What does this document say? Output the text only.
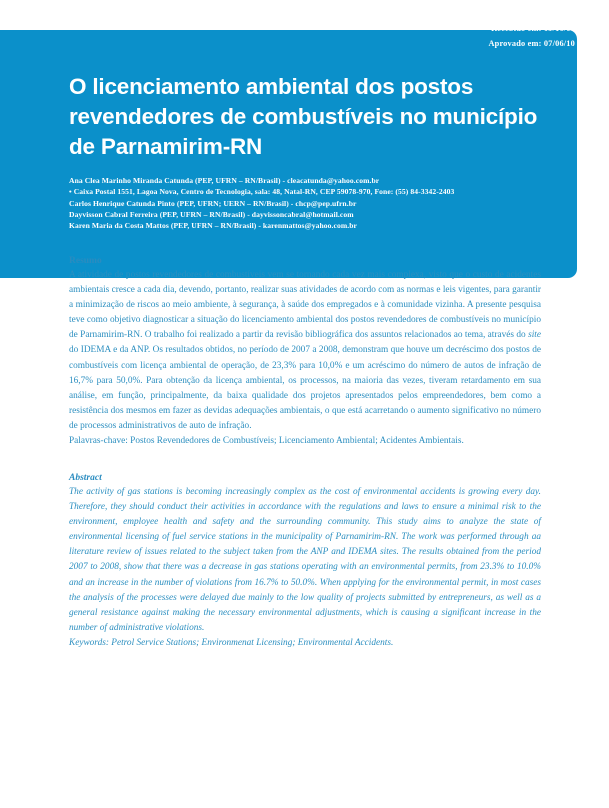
Recebido em: 09/10/08
Aprovado em: 07/06/10
O licenciamento ambiental dos postos revendedores de combustíveis no município de Parnamirim-RN
Ana Clea Marinho Miranda Catunda (PEP, UFRN – RN/Brasil) - cleacatunda@yahoo.com.br
• Caixa Postal 1551, Lagoa Nova, Centro de Tecnologia, sala: 48, Natal-RN, CEP 59078-970, Fone: (55) 84-3342-2403
Carlos Henrique Catunda Pinto (PEP, UFRN; UERN – RN/Brasil) - chcp@pep.ufrn.br
Dayvisson Cabral Ferreira (PEP, UFRN – RN/Brasil) - dayvissoncabral@hotmail.com
Karen Maria da Costa Mattos (PEP, UFRN – RN/Brasil) - karenmattos@yahoo.com.br
Resumo

A atividade de postos revendedores de combustíveis vem se tornando cada vez mais complexa, visto que o custo de acidentes ambientais cresce a cada dia, devendo, portanto, realizar suas atividades de acordo com as normas e leis vigentes, para garantir a minimização de riscos ao meio ambiente, à segurança, à saúde dos empregados e à comunidade vizinha. A presente pesquisa teve como objetivo diagnosticar a situação do licenciamento ambiental dos postos revendedores de combustíveis no município de Parnamirim-RN. O trabalho foi realizado a partir da revisão bibliográfica dos assuntos relacionados ao tema, através do site do IDEMA e da ANP. Os resultados obtidos, no período de 2007 a 2008, demonstram que houve um decréscimo dos postos de combustíveis com licença ambiental de operação, de 23,3% para 10,0% e um acréscimo do número de autos de infração de 16,7% para 50,0%. Para obtenção da licença ambiental, os processos, na maioria das vezes, tiveram retardamento em sua análise, em função, principalmente, da baixa qualidade dos projetos apresentados pelos empreendedores, bem como a resistência dos mesmos em fazer as devidas adequações ambientais, o que está acarretando o aumento significativo no número de processos administrativos de auto de infração.

Palavras-chave: Postos Revendedores de Combustíveis; Licenciamento Ambiental; Acidentes Ambientais.

Abstract

The activity of gas stations is becoming increasingly complex as the cost of environmental accidents is growing every day. Therefore, they should conduct their activities in accordance with the regulations and laws to ensure a minimal risk to the environment, employee health and safety and the surrounding community. This study aims to analyze the state of environmental licensing of fuel service stations in the municipality of Parnamirim-RN. The work was performed through aa literature review of issues related to the subject taken from the ANP and IDEMA sites. The results obtained from the period 2007 to 2008, show that there was a decrease in gas stations operating with an environmental permits, from 23.3% to 10.0% and an increase in the number of violations from 16.7% to 50.0%. When applying for the environmental permit, in most cases the analysis of the processes were delayed due mainly to the low quality of projects submitted by entrepreneurs, as well as a general resistance against making the necessary environmental adjustments, which is causing a significant increase in the number of administrative violations.

Keywords: Petrol Service Stations; Environmenat Licensing; Environmental Accidents.
